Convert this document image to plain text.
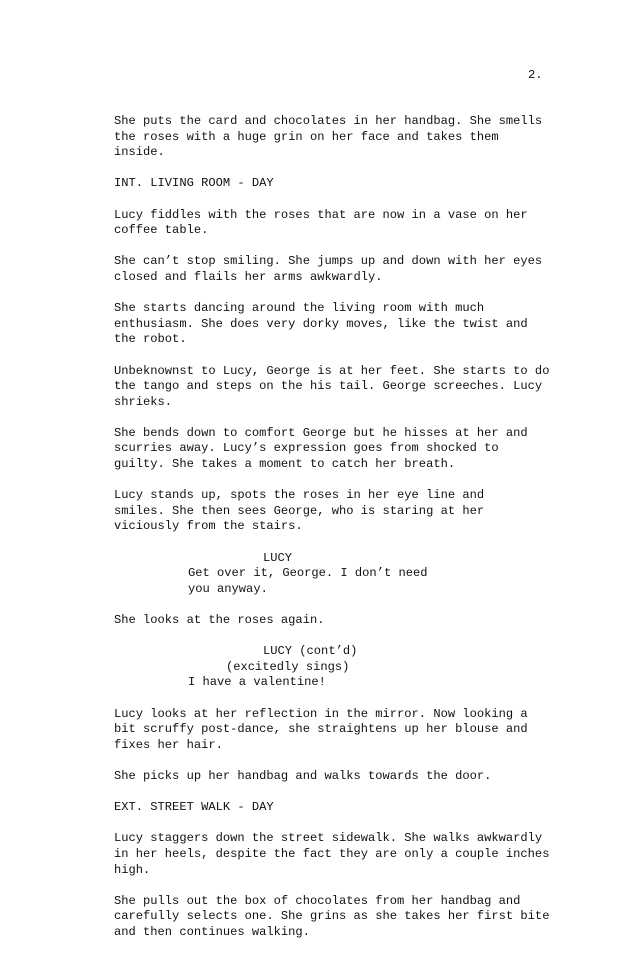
2.
She puts the card and chocolates in her handbag. She smells
the roses with a huge grin on her face and takes them
inside.
INT. LIVING ROOM - DAY
Lucy fiddles with the roses that are now in a vase on her
coffee table.
She can’t stop smiling. She jumps up and down with her eyes
closed and flails her arms awkwardly.
She starts dancing around the living room with much
enthusiasm. She does very dorky moves, like the twist and
the robot.
Unbeknownst to Lucy, George is at her feet. She starts to do
the tango and steps on the his tail. George screeches. Lucy
shrieks.
She bends down to comfort George but he hisses at her and
scurries away. Lucy’s expression goes from shocked to
guilty. She takes a moment to catch her breath.
Lucy stands up, spots the roses in her eye line and
smiles. She then sees George, who is staring at her
viciously from the stairs.
LUCY
Get over it, George. I don’t need
you anyway.
She looks at the roses again.
LUCY (cont’d)
(excitedly sings)
I have a valentine!
Lucy looks at her reflection in the mirror. Now looking a
bit scruffy post-dance, she straightens up her blouse and
fixes her hair.
She picks up her handbag and walks towards the door.
EXT. STREET WALK - DAY
Lucy staggers down the street sidewalk. She walks awkwardly
in her heels, despite the fact they are only a couple inches
high.
She pulls out the box of chocolates from her handbag and
carefully selects one. She grins as she takes her first bite
and then continues walking.
